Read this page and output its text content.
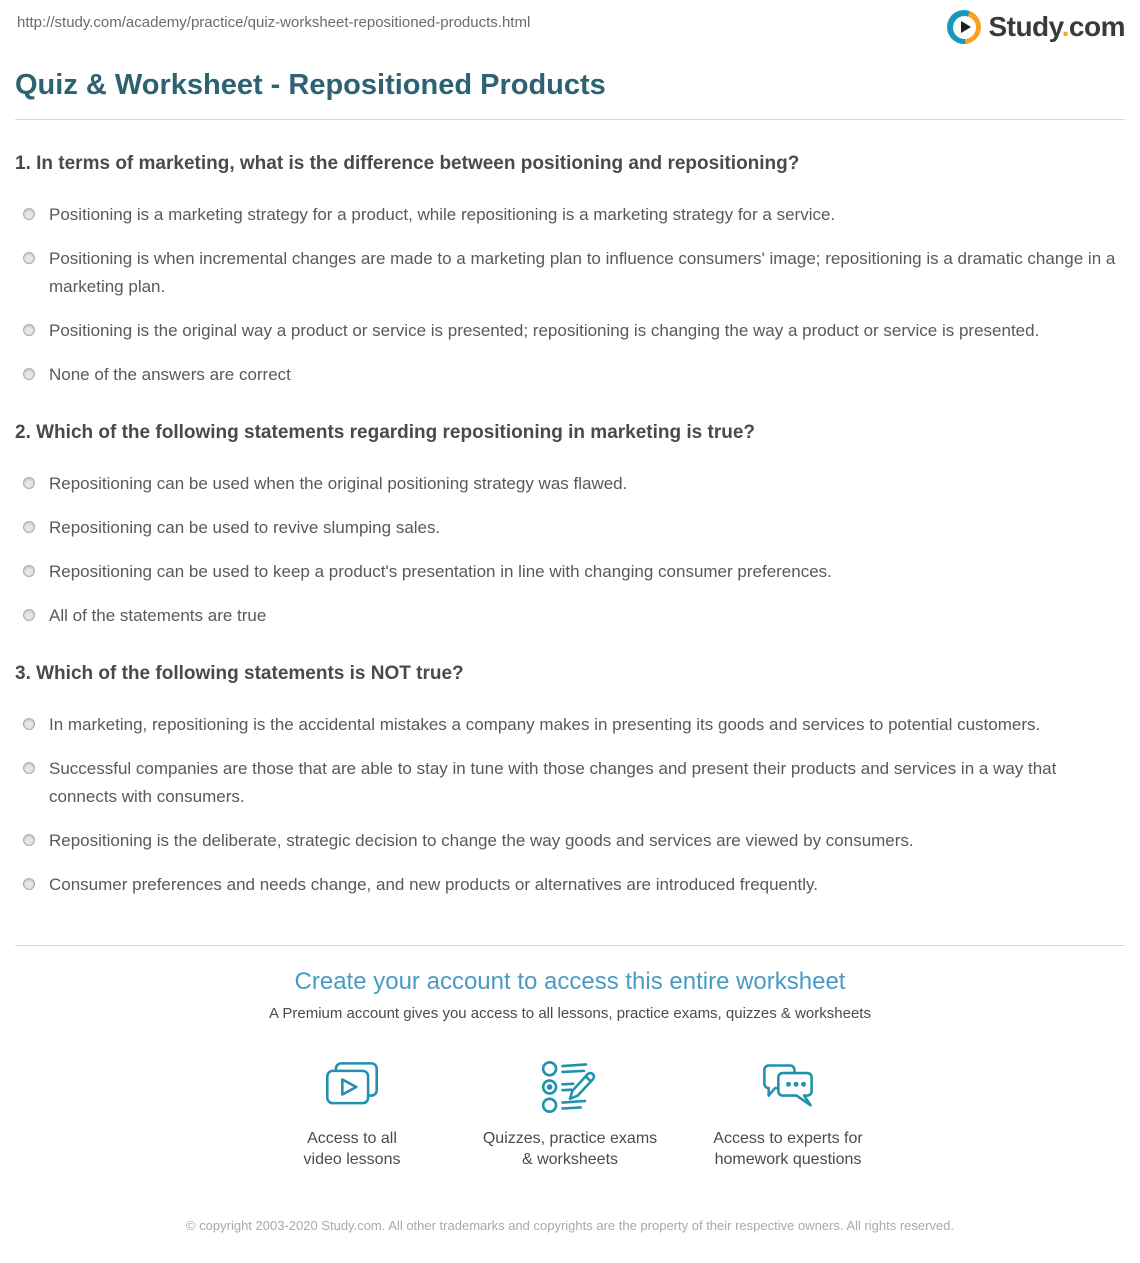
http://study.com/academy/practice/quiz-worksheet-repositioned-products.html	Study.com
Quiz & Worksheet - Repositioned Products
1. In terms of marketing, what is the difference between positioning and repositioning?
Positioning is a marketing strategy for a product, while repositioning is a marketing strategy for a service.
Positioning is when incremental changes are made to a marketing plan to influence consumers' image; repositioning is a dramatic change in a marketing plan.
Positioning is the original way a product or service is presented; repositioning is changing the way a product or service is presented.
None of the answers are correct
2. Which of the following statements regarding repositioning in marketing is true?
Repositioning can be used when the original positioning strategy was flawed.
Repositioning can be used to revive slumping sales.
Repositioning can be used to keep a product's presentation in line with changing consumer preferences.
All of the statements are true
3. Which of the following statements is NOT true?
In marketing, repositioning is the accidental mistakes a company makes in presenting its goods and services to potential customers.
Successful companies are those that are able to stay in tune with those changes and present their products and services in a way that connects with consumers.
Repositioning is the deliberate, strategic decision to change the way goods and services are viewed by consumers.
Consumer preferences and needs change, and new products or alternatives are introduced frequently.
Create your account to access this entire worksheet
A Premium account gives you access to all lessons, practice exams, quizzes & worksheets
Access to all
video lessons
Quizzes, practice exams
& worksheets
Access to experts for
homework questions
© copyright 2003-2020 Study.com. All other trademarks and copyrights are the property of their respective owners. All rights reserved.
